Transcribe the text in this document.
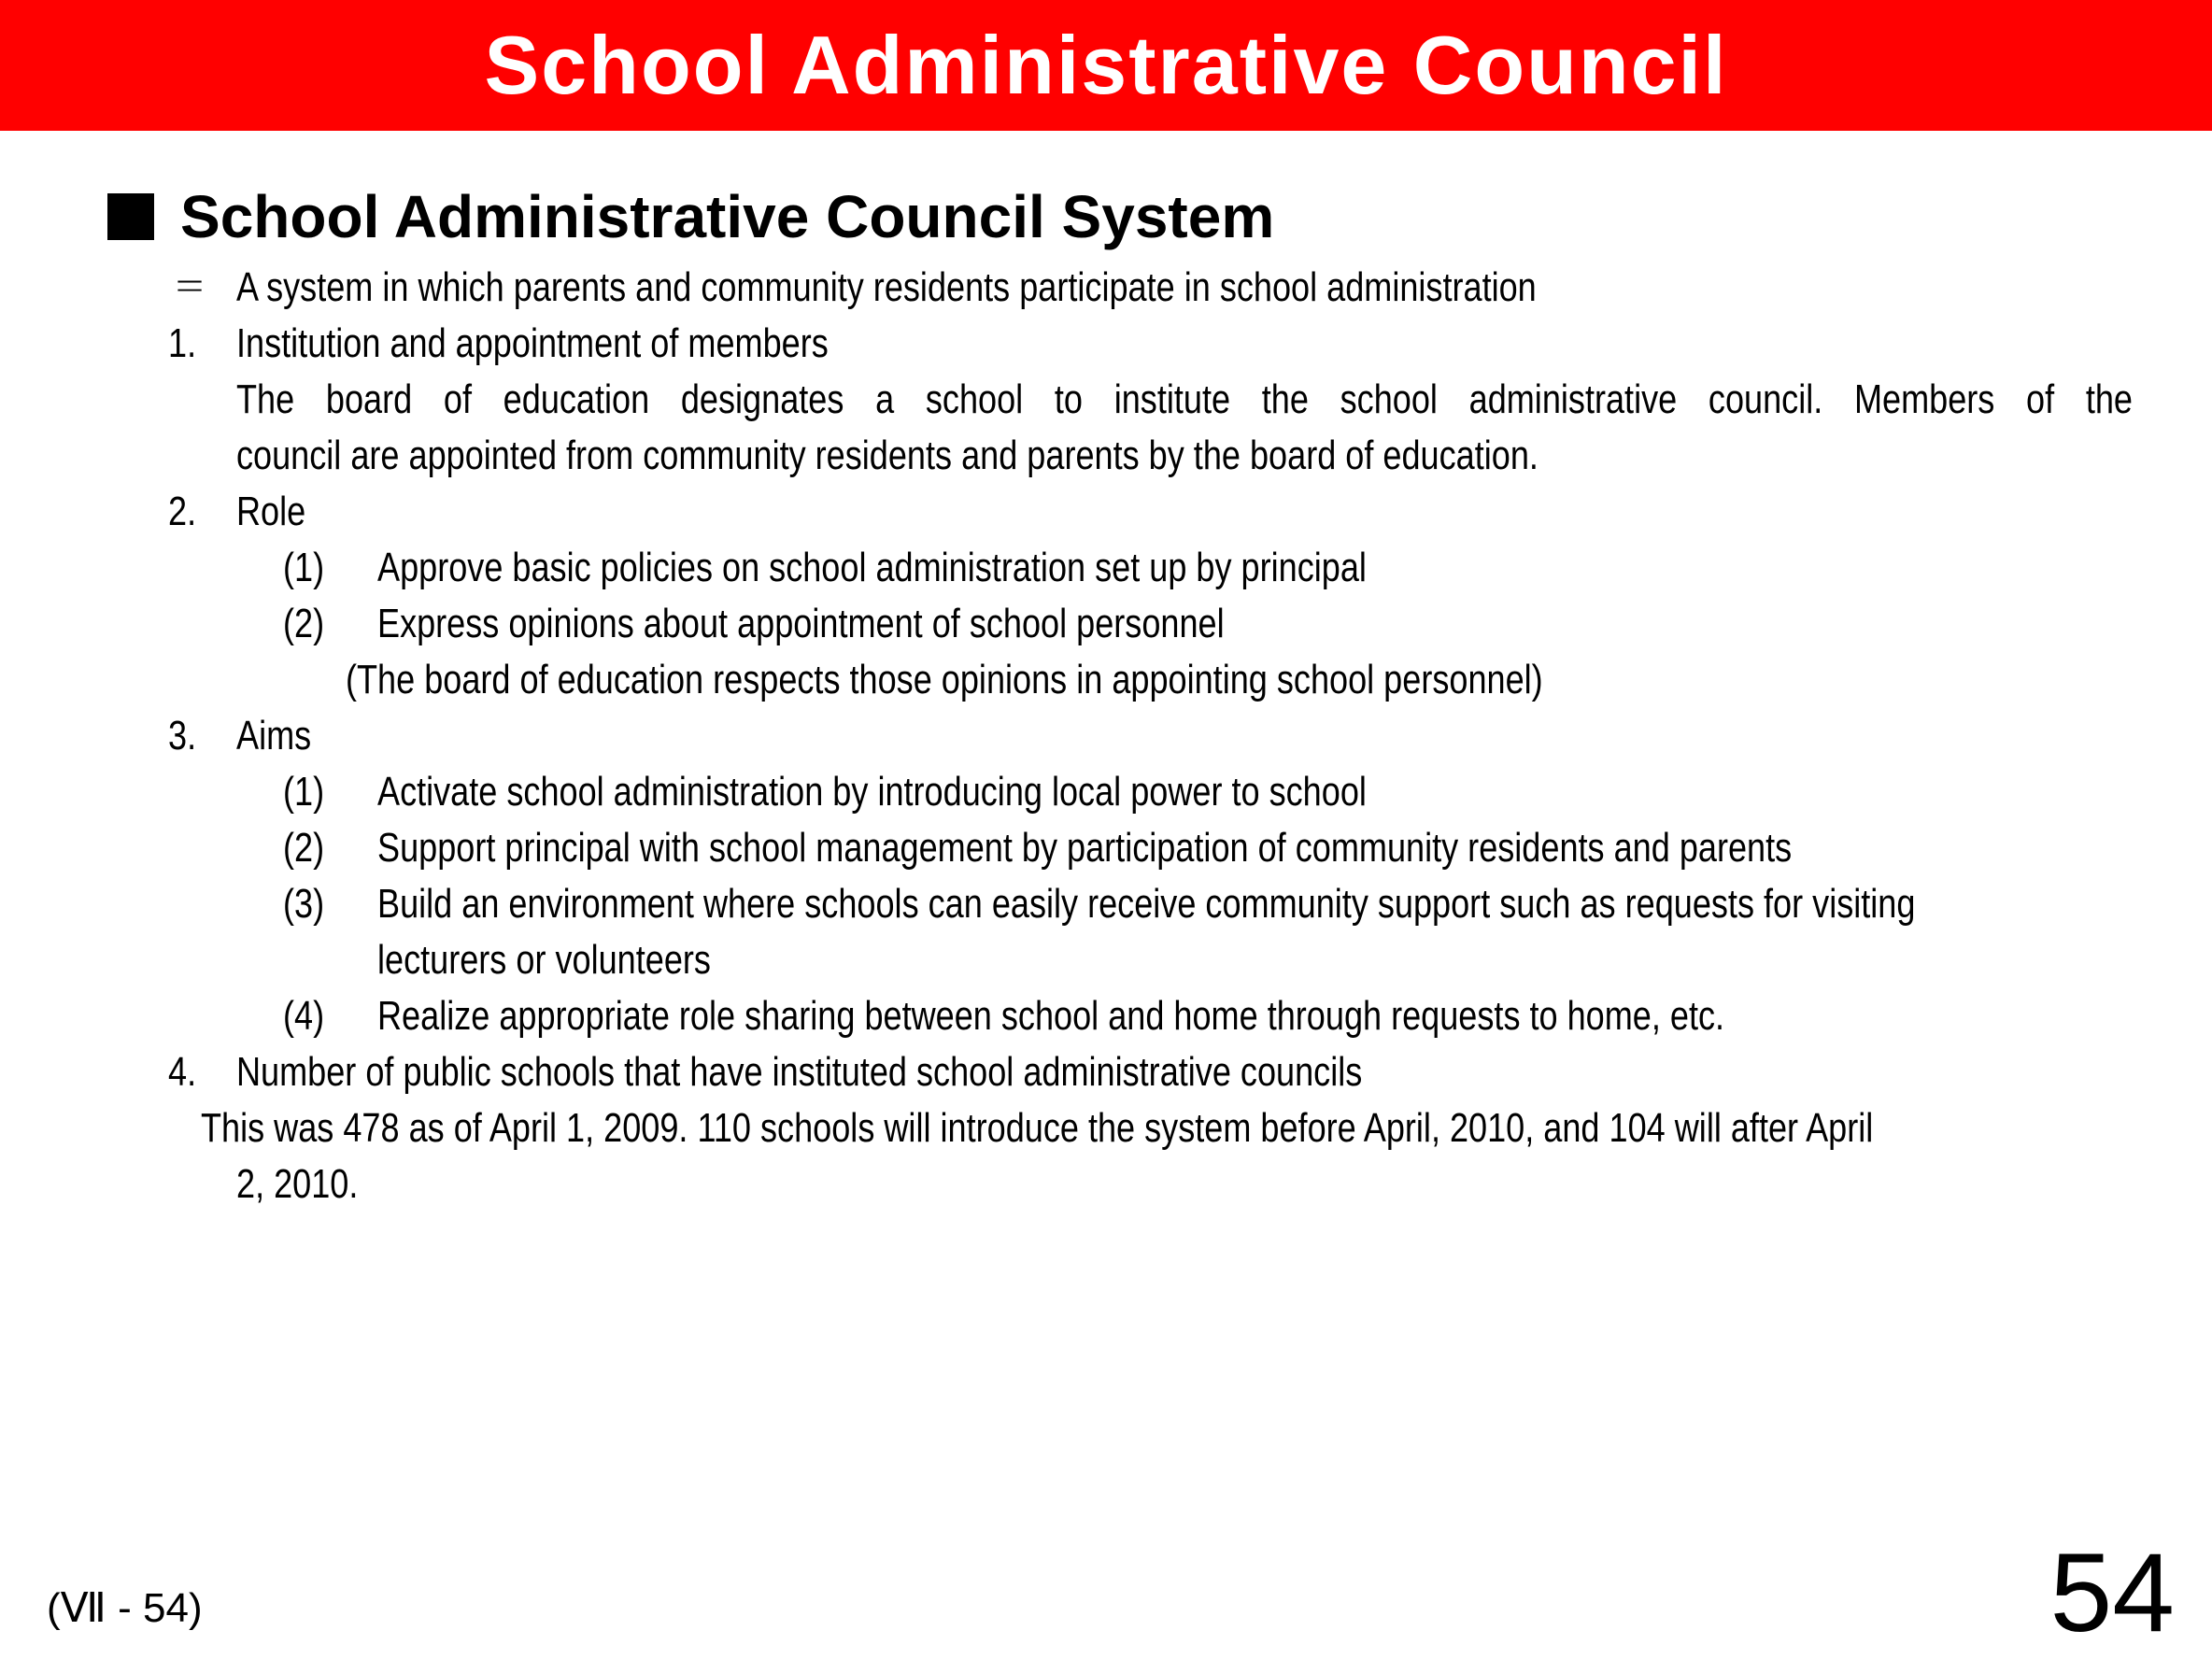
School Administrative Council
School Administrative Council System
＝ A system in which parents and community residents participate in school administration
1. Institution and appointment of members
The board of education designates a school to institute the school administrative council. Members of the
council are appointed from community residents and parents by the board of education.
2. Role
(1) Approve basic policies on school administration set up by principal
(2) Express opinions about appointment of school personnel
(The board of education respects those opinions in appointing school personnel)
3. Aims
(1) Activate school administration by introducing local power to school
(2) Support principal with school management by participation of community residents and parents
(3) Build an environment where schools can easily receive community support such as requests for visiting
lecturers or volunteers
(4) Realize appropriate role sharing between school and home through requests to home, etc.
4. Number of public schools that have instituted school administrative councils
This was 478 as of April 1, 2009. 110 schools will introduce the system before April, 2010, and 104 will after April
2, 2010.
(Ⅶ - 54)	54
